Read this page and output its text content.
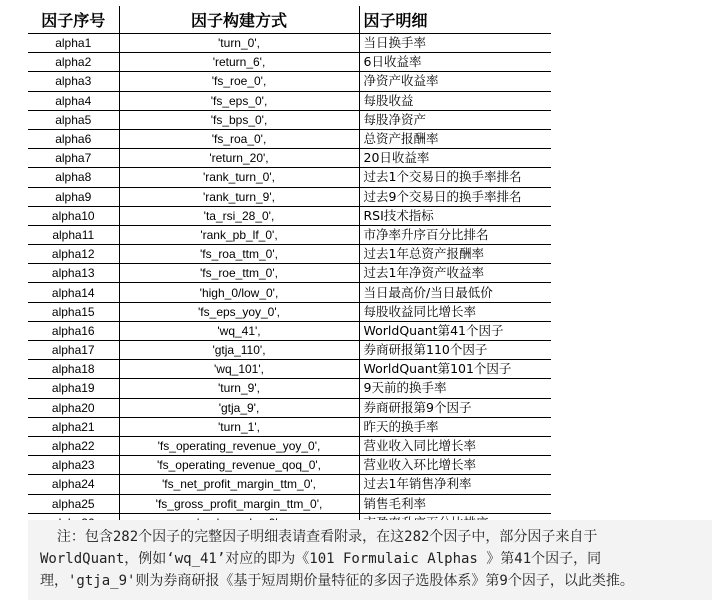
因子序号	因子构建方式	因子明细
alpha1	'turn_0',	当日换手率
alpha2	'return_6',	6日收益率
alpha3	'fs_roe_0',	净资产收益率
alpha4	'fs_eps_0',	每股收益
alpha5	'fs_bps_0',	每股净资产
alpha6	'fs_roa_0',	总资产报酬率
alpha7	'return_20',	20日收益率
alpha8	'rank_turn_0',	过去1个交易日的换手率排名
alpha9	'rank_turn_9',	过去9个交易日的换手率排名
alpha10	'ta_rsi_28_0',	RSI技术指标
alpha11	'rank_pb_lf_0',	市净率升序百分比排名
alpha12	'fs_roa_ttm_0',	过去1年总资产报酬率
alpha13	'fs_roe_ttm_0',	过去1年净资产收益率
alpha14	'high_0/low_0',	当日最高价/当日最低价
alpha15	'fs_eps_yoy_0',	每股收益同比增长率
alpha16	'wq_41',	WorldQuant第41个因子
alpha17	'gtja_110',	券商研报第110个因子
alpha18	'wq_101',	WorldQuant第101个因子
alpha19	'turn_9',	9天前的换手率
alpha20	'gtja_9',	券商研报第9个因子
alpha21	'turn_1',	昨天的换手率
alpha22	'fs_operating_revenue_yoy_0',	营业收入同比增长率
alpha23	'fs_operating_revenue_qoq_0',	营业收入环比增长率
alpha24	'fs_net_profit_margin_ttm_0',	过去1年销售净利率
alpha25	'fs_gross_profit_margin_ttm_0',	销售毛利率

注：包含282个因子的完整因子明细表请查看附录，在这282个因子中，部分因子来自于

WorldQuant，例如‘wq_41’对应的即为《101 Formulaic Alphas 》第41个因子，同

理，'gtja_9'则为券商研报《基于短周期价量特征的多因子选股体系》第9个因子，以此类推。
